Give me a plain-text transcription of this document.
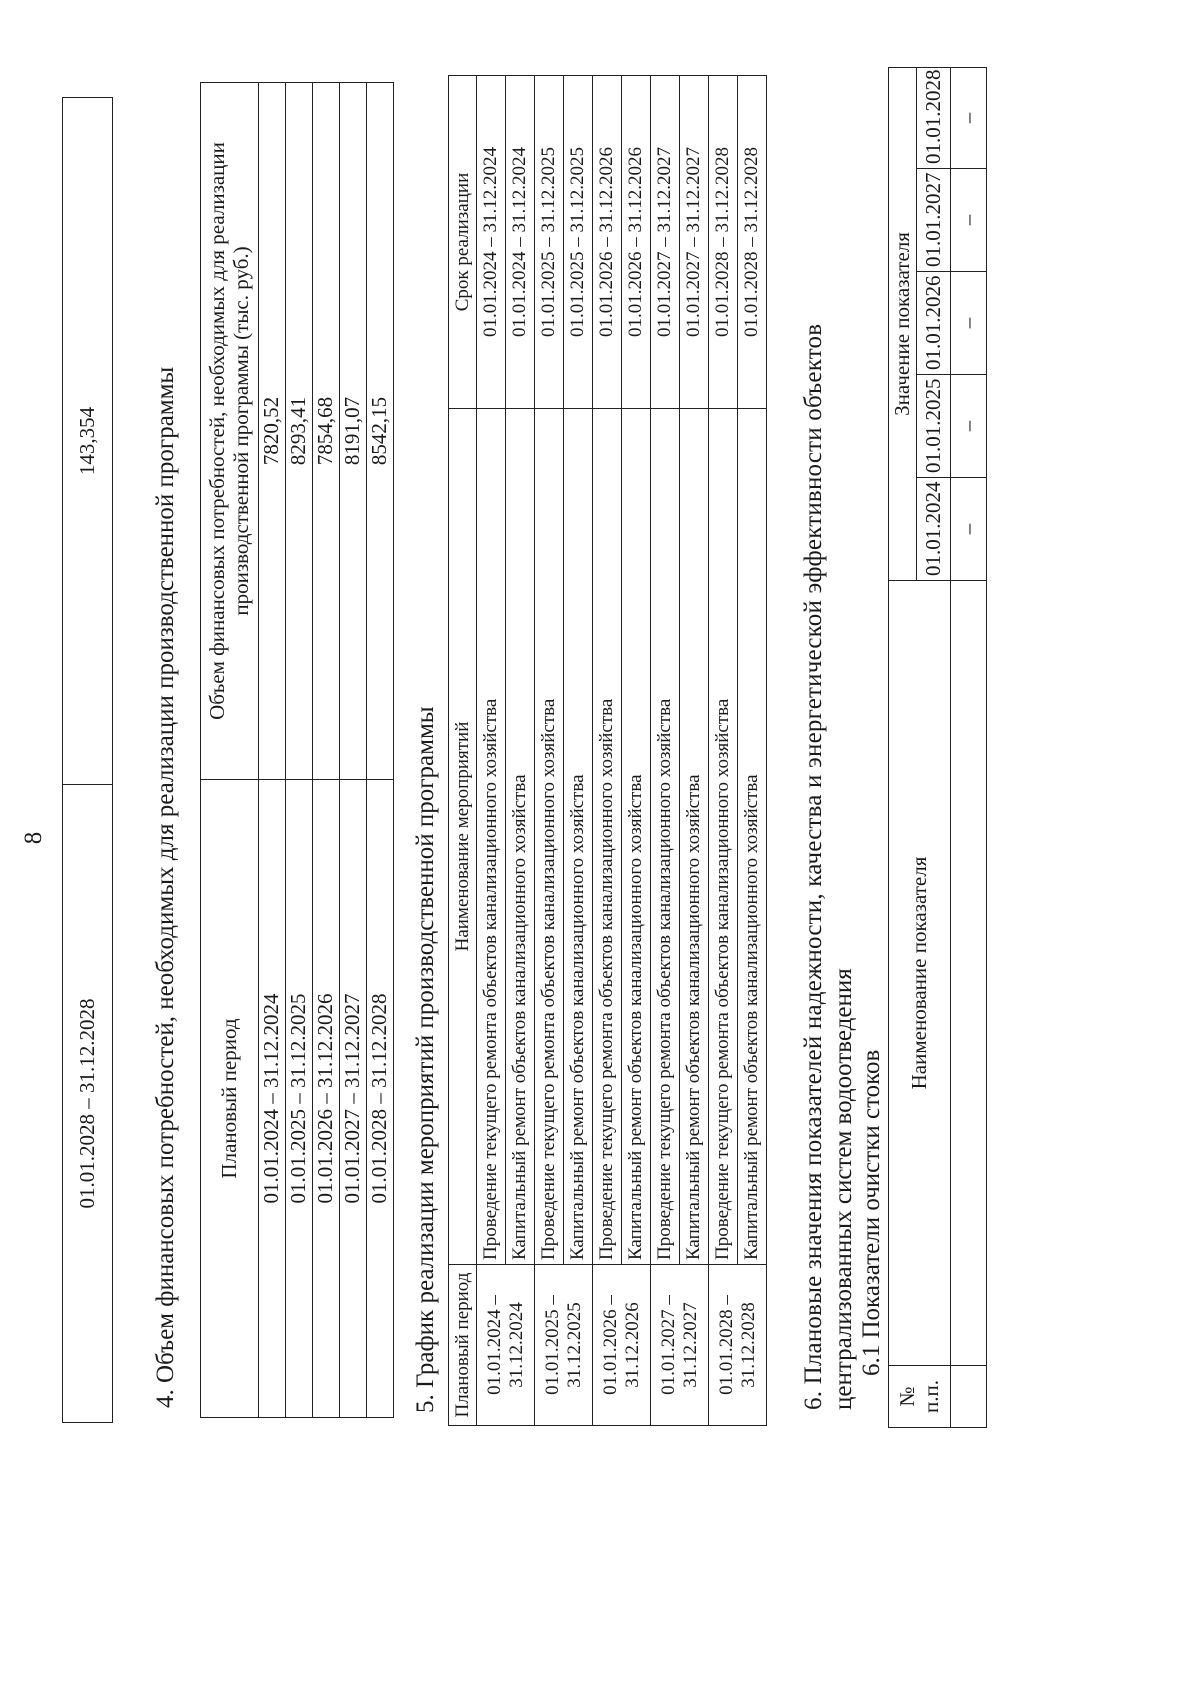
8
01.01.2028 – 31.12.2028	143,354 4. Объем финансовых потребностей, необходимых для реализации производственной программы Плановый период	Объем финансовых потребностей, необходимых для реализации производственной программы (тыс. руб.)
01.01.2024 – 31.12.2024	7820,52
01.01.2025 – 31.12.2025	8293,41
01.01.2026 – 31.12.2026	7854,68
01.01.2027 – 31.12.2027	8191,07
01.01.2028 – 31.12.2028	8542,15
5. График реализации мероприятий производственной программы Плановый период	Наименование мероприятий	Срок реализации
01.01.2024 – 31.12.2024	Проведение текущего ремонта объектов канализационного хозяйства	01.01.2024 – 31.12.2024
	Капитальный ремонт объектов канализационного хозяйства	01.01.2024 – 31.12.2024
01.01.2025 – 31.12.2025	Проведение текущего ремонта объектов канализационного хозяйства	01.01.2025 – 31.12.2025
	Капитальный ремонт объектов канализационного хозяйства	01.01.2025 – 31.12.2025
01.01.2026 – 31.12.2026	Проведение текущего ремонта объектов канализационного хозяйства	01.01.2026 – 31.12.2026
	Капитальный ремонт объектов канализационного хозяйства	01.01.2026 – 31.12.2026
01.01.2027 – 31.12.2027	Проведение текущего ремонта объектов канализационного хозяйства	01.01.2027 – 31.12.2027
	Капитальный ремонт объектов канализационного хозяйства	01.01.2027 – 31.12.2027
01.01.2028 – 31.12.2028	Проведение текущего ремонта объектов канализационного хозяйства	01.01.2028 – 31.12.2028
	Капитальный ремонт объектов канализационного хозяйства	01.01.2028 – 31.12.2028
6. Плановые значения показателей надежности, качества и энергетической эффективности объектов централизованных систем водоотведения 6.1 Показатели очистки стоков
№ п.п.	Наименование показателя	Значение показателя				
		01.01.2024	01.01.2025	01.01.2026	01.01.2027	01.01.2028
		–	–	–	–	–
